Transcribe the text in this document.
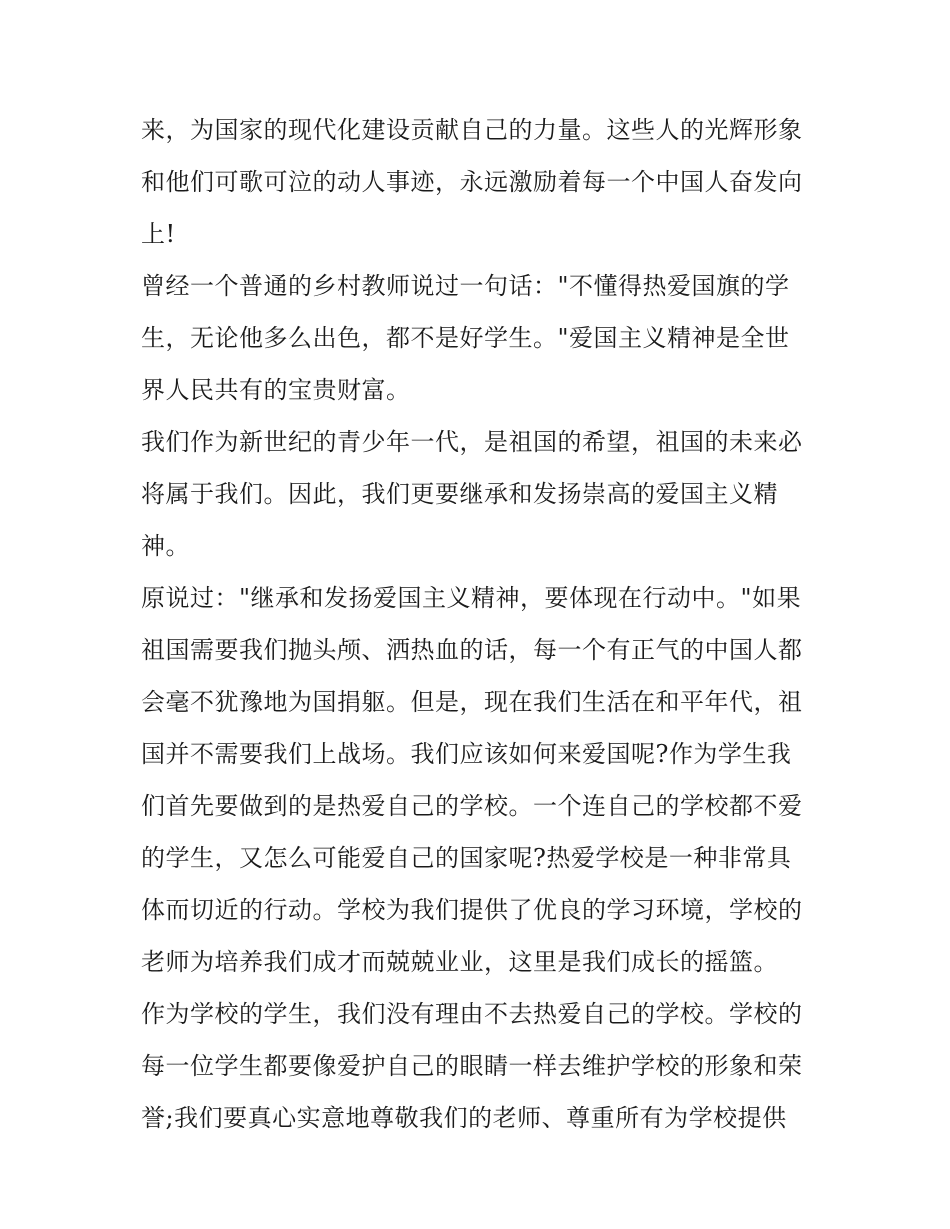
来，为国家的现代化建设贡献自己的力量。这些人的光辉形象
和他们可歌可泣的动人事迹，永远激励着每一个中国人奋发向
上!
曾经一个普通的乡村教师说过一句话："不懂得热爱国旗的学
生，无论他多么出色，都不是好学生。"爱国主义精神是全世
界人民共有的宝贵财富。
我们作为新世纪的青少年一代，是祖国的希望，祖国的未来必
将属于我们。因此，我们更要继承和发扬崇高的爱国主义精
神。
原说过："继承和发扬爱国主义精神，要体现在行动中。"如果
祖国需要我们抛头颅、洒热血的话，每一个有正气的中国人都
会毫不犹豫地为国捐躯。但是，现在我们生活在和平年代，祖
国并不需要我们上战场。我们应该如何来爱国呢?作为学生我
们首先要做到的是热爱自己的学校。一个连自己的学校都不爱
的学生，又怎么可能爱自己的国家呢?热爱学校是一种非常具
体而切近的行动。学校为我们提供了优良的学习环境，学校的
老师为培养我们成才而兢兢业业，这里是我们成长的摇篮。
作为学校的学生，我们没有理由不去热爱自己的学校。学校的
每一位学生都要像爱护自己的眼睛一样去维护学校的形象和荣
誉;我们要真心实意地尊敬我们的老师、尊重所有为学校提供
